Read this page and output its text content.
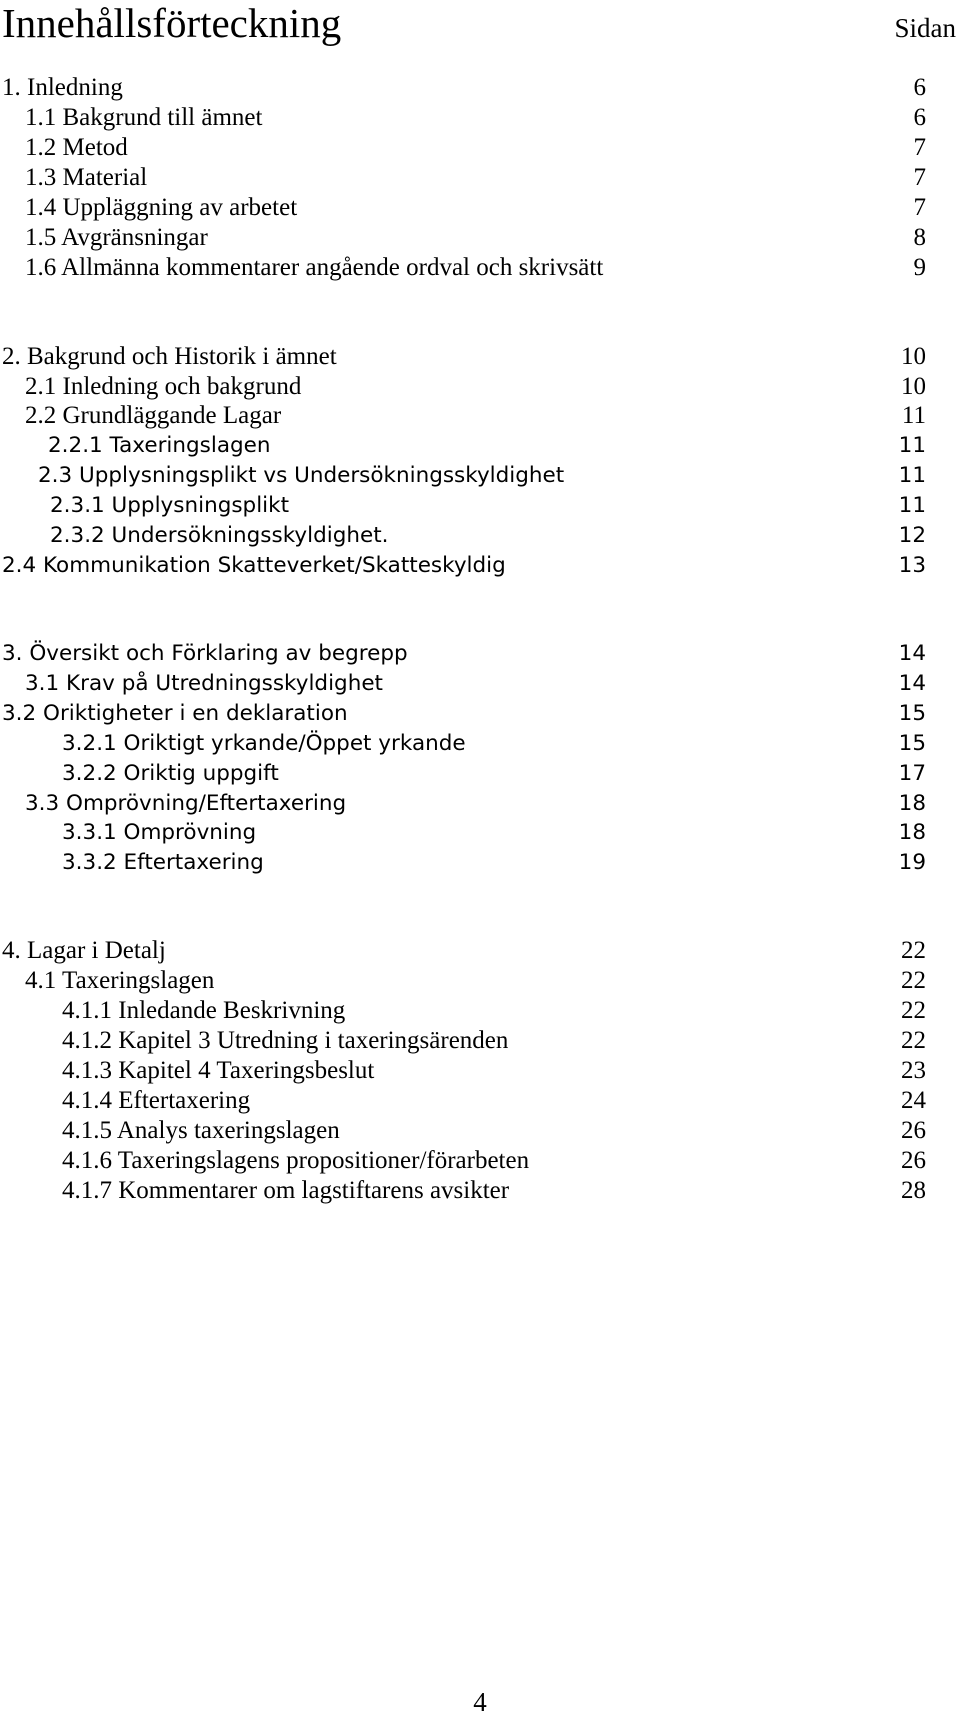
Innehållsförteckning	Sidan
1. Inledning	6
1.1 Bakgrund till ämnet	6
1.2 Metod	7
1.3 Material	7
1.4 Uppläggning av arbetet	7
1.5 Avgränsningar	8
1.6 Allmänna kommentarer angående ordval och skrivsätt	9
2. Bakgrund och Historik i ämnet	10
2.1 Inledning och bakgrund	10
2.2 Grundläggande Lagar	11
2.2.1 Taxeringslagen	11
2.3 Upplysningsplikt vs Undersökningsskyldighet	11
2.3.1 Upplysningsplikt	11
2.3.2 Undersökningsskyldighet.	12
2.4 Kommunikation Skatteverket/Skatteskyldig	13
3. Översikt och Förklaring av begrepp	14
3.1 Krav på Utredningsskyldighet	14
3.2 Oriktigheter i en deklaration	15
3.2.1 Oriktigt yrkande/Öppet yrkande	15
3.2.2 Oriktig uppgift	17
3.3 Omprövning/Eftertaxering	18
3.3.1 Omprövning	18
3.3.2 Eftertaxering	19
4. Lagar i Detalj	22
4.1 Taxeringslagen	22
4.1.1 Inledande Beskrivning	22
4.1.2 Kapitel 3 Utredning i taxeringsärenden	22
4.1.3 Kapitel 4 Taxeringsbeslut	23
4.1.4 Eftertaxering	24
4.1.5 Analys taxeringslagen	26
4.1.6 Taxeringslagens propositioner/förarbeten	26
4.1.7 Kommentarer om lagstiftarens avsikter	28
4
